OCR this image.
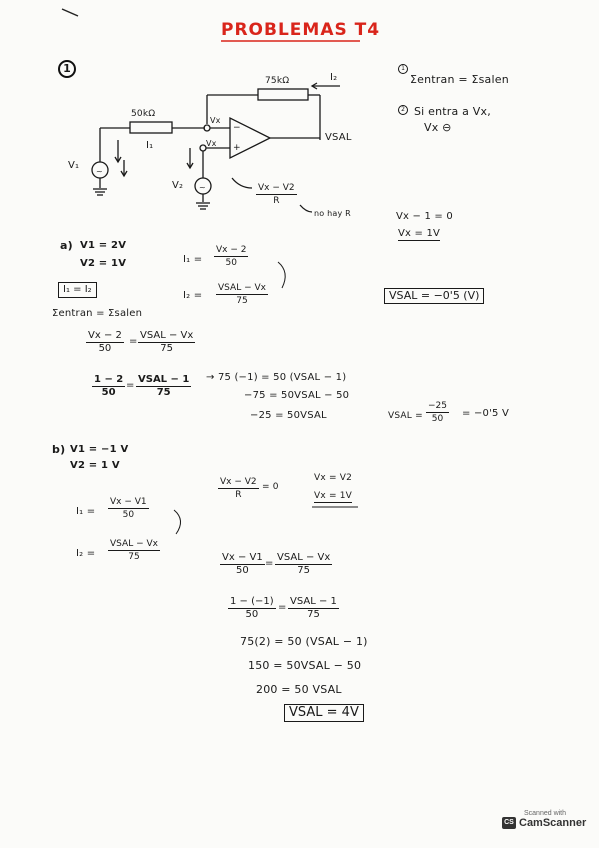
PROBLEMAS T4
1
~
~
75kΩ	I₂
50kΩ
I₁
Vx
Vx
−
+
VSAL
V₁
V₂
1
Σentran = Σsalen
2 Si entra a Vx,
Vx ⊖
$\frac{Vx - V2}{R}$
no hay R	Vx − 1 = 0
Vx = 1V
a) V1 = 2V
V2 = 1V	$I_1 = \frac{Vx - 2}{50}$
I₂ =
VSAL − Vx
75
I₁ = I₂
Σentran = Σsalen
VSAL = −0'5 (V)
$\frac{Vx - 2}{50}$ =
VSAL − Vx
75
$\frac{1 - 2}{50}$ =
VSAL − 1
75
→ 75 (−1) = 50 (VSAL − 1)
−75 = 50VSAL − 50
−25 = 50VSAL	VSAL = $\frac{-25}{50} = -0'5$ V
b) V1 = −1 V
V2 = 1 V
$I_1 = \frac{Vx - V1}{50}$
I₂ =
VSAL − Vx
75
$\frac{Vx - V2}{R} = 0$
Vx = V2
Vx = 1V
$\frac{Vx - V1}{50}$ =
VSAL − Vx
75
$\frac{1 - (-1)}{50}$ =
VSAL − 1
75
75(2) = 50 (VSAL − 1)
150 = 50VSAL − 50
200 = 50 VSAL
VSAL = 4V
Scanned with
CS CamScanner
